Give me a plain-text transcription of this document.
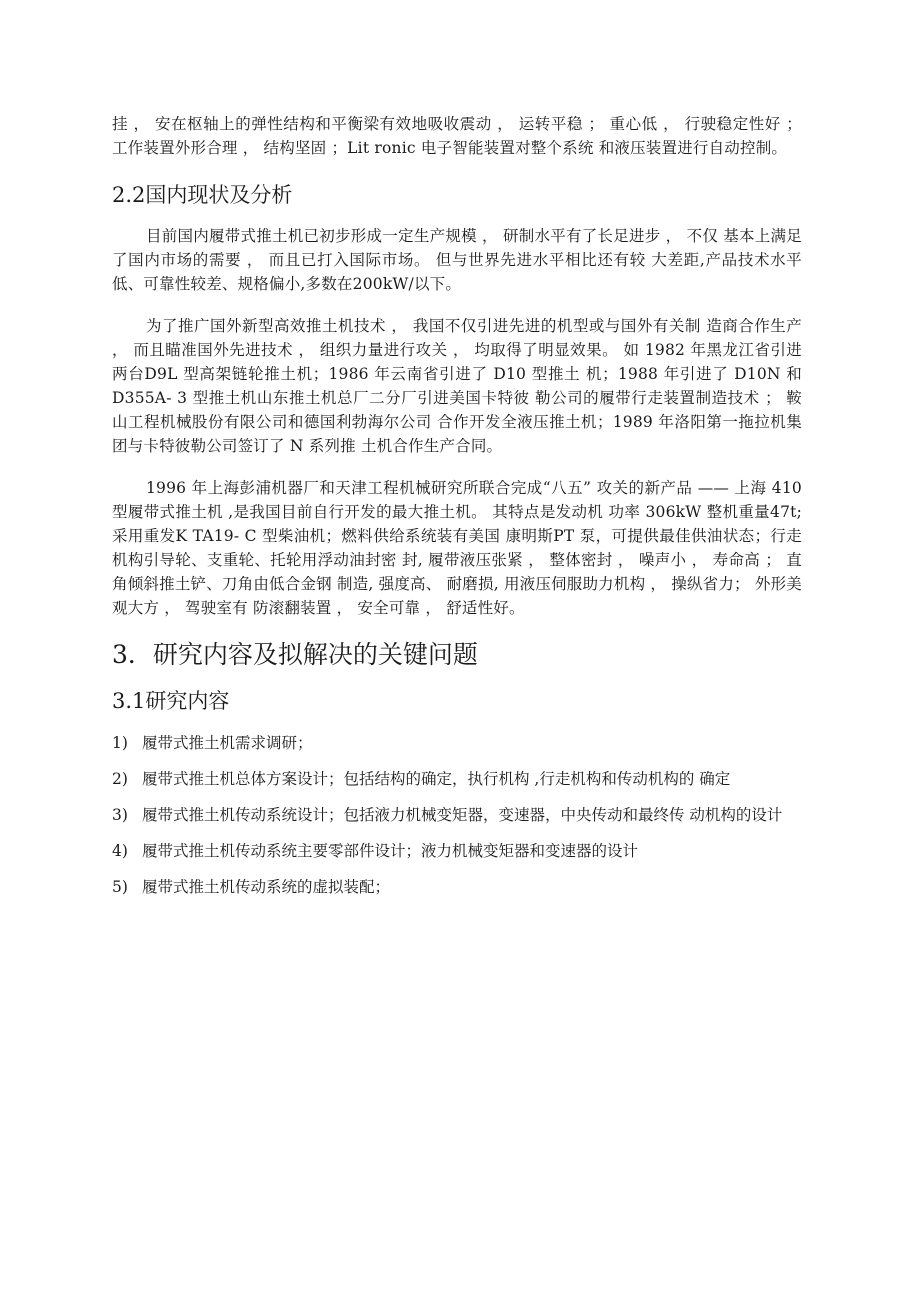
挂 ， 安在枢轴上的弹性结构和平衡梁有效地吸收震动 ， 运转平稳 ； 重心低 ， 行驶稳定性好 ； 工作装置外形合理 ， 结构坚固 ；Lit ronic 电子智能装置对整个系统 和液压装置进行自动控制。

2.2国内现状及分析

目前国内履带式推土机已初步形成一定生产规模 ， 研制水平有了长足进步 ， 不仅 基本上满足了国内市场的需要 ， 而且已打入国际市场。 但与世界先进水平相比还有较 大差距,产品技术水平低、可靠性较差、规格偏小,多数在200kW/以下。

为了推广国外新型高效推土机技术 ， 我国不仅引进先进的机型或与国外有关制 造商合作生产 ， 而且瞄准国外先进技术 ， 组织力量进行攻关 ， 均取得了明显效果。 如 1982 年黑龙江省引进两台D9L 型高架链轮推土机；1986 年云南省引进了 D10 型推土 机；1988 年引进了 D10N 和D355A- 3 型推土机山东推土机总厂二分厂引进美国卡特彼 勒公司的履带行走装置制造技术 ； 鞍山工程机械股份有限公司和德国利勃海尔公司 合作开发全液压推土机；1989 年洛阳第一拖拉机集团与卡特彼勒公司签订了 N 系列推 土机合作生产合同。

1996 年上海彭浦机器厂和天津工程机械研究所联合完成“八五” 攻关的新产品 —— 上海 410 型履带式推土机 ,是我国目前自行开发的最大推土机。 其特点是发动机 功率 306kW 整机重量47t;采用重发K TA19- C 型柴油机；燃料供给系统装有美国 康明斯PT 泵，可提供最佳供油状态；行走机构引导轮、支重轮、托轮用浮动油封密 封, 履带液压张紧 ， 整体密封 ， 噪声小 ， 寿命高 ； 直角倾斜推土铲、刀角由低合金钢 制造, 强度高、 耐磨损, 用液压伺服助力机构 ， 操纵省力； 外形美观大方 ， 驾驶室有 防滚翻装置 ， 安全可靠 ， 舒适性好。

3．研究内容及拟解决的关键问题
3.1研究内容
1) 履带式推土机需求调研；
2) 履带式推土机总体方案设计；包括结构的确定，执行机构 ,行走机构和传动机构的 确定
3) 履带式推土机传动系统设计；包括液力机械变矩器，变速器，中央传动和最终传 动机构的设计
4) 履带式推土机传动系统主要零部件设计；液力机械变矩器和变速器的设计
5) 履带式推土机传动系统的虚拟装配；
